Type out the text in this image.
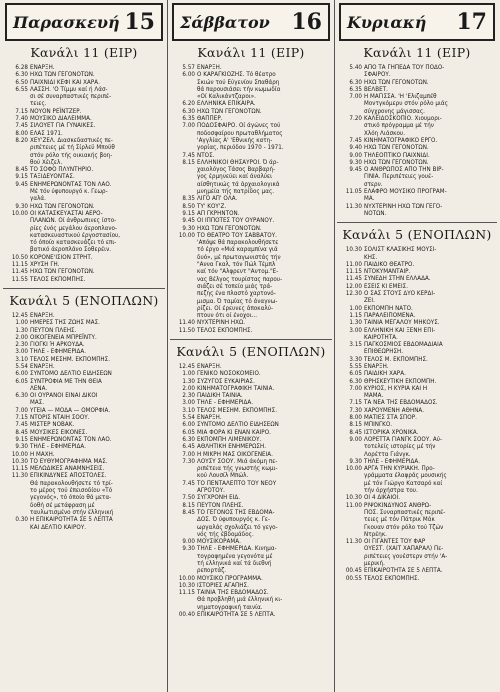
Παρασκευή 15
Κανάλι 11 (ΕΙΡ)
6.28 ΕΝΑΡΞΗ.
6.30 ΗΧΩ ΤΩΝ ΓΕΓΟΝΟΤΩΝ.
6.50 ΠΑΙΧΝΙΔΙ ΚΕΦΙ ΚΑΙ ΧΑΡΑ.
6.55 ΛΑΣΣΗ. 'Ο Τίμμυ καί ή Λάσ-
σι σέ συναρπαστικές περιπέ-
τειες.
7.15 ΝΟΥΟΝ ΡΕΪΝΤΖΕΡ.
7.40 ΜΟΥΣΙΚΟ ΔΙΑΛΕΙΜΜΑ.
7.45 ΣΙΛΟΥΕΤ ΓΙΑ ΓΥΝΑΙΚΕΣ.
8.00 ΕΛΑΣ 1971.
8.20 ΧΕΥ'ΖΕΛ. Διασκεδαστικές πε-
ριπέτειες μέ τή Σίρλεϋ Μποϋθ
στόν ρόλο τής οικιακής βοη-
θού Χέιζελ.
8.45 ΤΟ ΣΟΦΟ ΠΛΥΝΤΗΡΙΟ.
9.15 ΤΑΞΙΔΕΥΟΝΤΑΣ.
9.45 ΕΝΗΜΕΡΩΝΟΝΤΑΣ ΤΟΝ ΛΑΟ.
Μέ τόν ύφυπουργό κ. Γεωρ-
γαλά.
9.30 ΗΧΩ ΤΩΝ ΓΕΓΟΝΟΤΩΝ.
10.00 ΟΙ ΚΑΤΑΣΚΕΥΑΣΤΑΙ ΑΕΡΟ-
ΠΛΑΝΩΝ. Οί άνθρωπινες ίστο-
ρίες ένός μεγάλου άεροπλανο-
κατασκευαστικού έργοστασίου,
τό όποίο κατασκευάζει τό επι-
βατικό άεροπλάνο Σοθερέιν.
10.50 ΚΟΡΟΝΕ'ΙΣΙΟΝ ΣΤΡΗΤ.
11.15 ΧΡΥΣΗ ΓΗ.
11.45 ΗΧΩ ΤΩΝ ΓΕΓΟΝΟΤΩΝ.
11.55 ΤΕΛΟΣ ΕΚΠΟΜΠΗΣ.
Κανάλι 5 (ΕΝΟΠΛΩΝ)
12.45 ΕΝΑΡΞΗ.
1.00 ΗΜΕΡΕΣ ΤΗΣ ΖΩΗΣ ΜΑΣ.
1.30 ΠΕΥΤΟΝ ΠΛΕΗΣ.
2.00 ΟΙΚΟΓΕΝΕΙΑ ΜΠΡΕΪΝΤΥ.
2.30 ΓΙΟΓΚΙ Ή ΑΡΚΟΥΔΑ.
3.00 ΤΗΛΕ - ΕΦΗΜΕΡΙΔΑ.
3.10 ΤΕΛΟΣ ΜΕΣΗΜ. ΕΚΠΟΜΠΗΣ.
5.54 ΕΝΑΡΞΗ.
6.00 ΣΥΝΤΟΜΟ ΔΕΛΤΙΟ ΕΙΔΗΣΕΩΝ
6.05 ΣΥΝΤΡΟΦΙΑ ΜΕ ΤΗΝ ΘΕΙΑ
ΛΕΝΑ.
6.30 ΟΙ ΟΥΡΑΝΟΙ ΕΙΝΑΙ ΔΙΚΟΙ
ΜΑΣ.
7.00 ΥΓΕΙΑ — ΜΟΔΑ — ΟΜΟΡΦΙΑ.
7.15 ΝΤΟΡΙΣ ΝΤΑΙΗ ΣΟΟΥ.
7.45 ΜΙΣΤΕΡ ΝΟΒΑΚ.
8.45 ΜΟΥΣΙΚΕΣ ΕΙΚΟΝΕΣ.
9.15 ΕΝΗΜΕΡΩΝΟΝΤΑΣ ΤΟΝ ΛΑΟ.
9.30 ΤΗΛΕ - ΕΦΗΜΕΡΙΔΑ.
10.00 Η ΜΑΧΗ.
10.30 ΤΟ ΕΥΘΥΜΟΓΡΑΦΗΜΑ ΜΑΣ.
11.15 ΜΕΛΩΔΙΚΕΣ ΑΝΑΜΝΗΣΕΙΣ.
11.30 ΕΠΙΚΙΝΔΥΝΕΣ ΑΠΟΣΤΟΛΕΣ.
Θά παρακολουθήσετε τό τρί-
το μέρος τού έπεισοδίου «Τό
γεγονός», τό όποίο θά μετα-
δοθή σέ μετάφραση μέ
ταυλωτισμένο στήν έλληνική
0.30 Η ΕΠΙΚΑΙΡΟΤΗΤΑ ΣΕ 5 ΛΕΠΤΑ
ΚΑΙ ΔΕΛΤΙΟ ΚΑΙΡΟΥ.
Σάββατον 16
Κανάλι 11 (ΕΙΡ)
5.57 ΕΝΑΡΞΗ.
6.00 Ο ΚΑΡΑΓΚΙΟΖΗΣ. Τό θέατρο
Σκιών τού Εύγενίου Σπαθάρη
θά παρουσιάσει τήν κωμωδία
«Οί Καλικάντζαροι».
6.20 ΕΛΛΗΝΙΚΑ ΕΠΙΚΑΙΡΑ.
6.30 ΗΧΩ ΤΩΝ ΓΕΓΟΝΟΤΩΝ.
6.35 ΘΑΠΠΕΡ.
7.00 ΠΟΔΟΣΦΑΙΡΟ. Οί άγώνες τού
ποδοσφαίρου πρωταθλήματος
'Αγγλίας Α' 'Εθνικής κατη-
γορίας, περιόδου 1970 - 1971.
7.45 ΝΤΟΣ.
8.15 ΕΛΛΗΝΙΚΟΙ ΘΗΣΑΥΡΟΙ. Ό άρ-
χαιολόγος Τάσος Βαρβαρή-
γος έρμηνεύει καί άναλύει
αίσθητικώς τά άρχαιολογικά
μνημεία τής πατρίδος μας.
8.35 ΛΙΓΟ ΑΠ' ΟΛΑ.
8.50 ΤΥ' ΚΟΥ'Ζ.
9.15 ΑΠ ΓΚΡΗΝΤΟΝ.
9.45 ΟΙ ΙΠΠΟΤΕΣ ΤΟΥ ΟΥΡΑΝΟΥ.
9.30 ΗΧΩ ΤΩΝ ΓΕΓΟΝΟΤΩΝ.
10.00 ΤΟ ΘΕΑΤΡΟ ΤΟΥ ΣΑΒΒΑΤΟΥ.
'Απόψε θά παρακολουθήσετε
τό έργο «Μιά καραμπίνα γιά
δυό», μέ πρωταγωνιστάς τήν
"Αννα Γκαλ, τόν Πώλ Τέμπλ
καί τόν "Αλφρεντ "Αντομ."Ε-
νας Βέλγος τουρίστας παρου-
σιάζει σέ τοπείο μιάς τρά-
πεζης ένα πλαστό χαρτονό-
μισμα. Ό ταμίας τό άναγνω-
ρίζει. Οί έρευνες άποκαλύ-
πτουν ότι οί ένοχοι...
11.40 ΝΥΧΤΕΡΙΝΗ ΗΧΩ.
11.50 ΤΕΛΟΣ ΕΚΠΟΜΠΗΣ.
Κανάλι 5 (ΕΝΟΠΛΩΝ)
12.45 ΕΝΑΡΞΗ.
1.00 ΓΕΝΙΚΟ ΝΟΣΟΚΟΜΕΙΟ.
1.30 ΣΥΖΥΓΟΣ ΕΥΚΑΙΡΙΑΣ.
2.00 ΚΙΝΗΜΑΤΟΓΡΑΦΙΚΗ ΤΑΙΝΙΑ.
2.30 ΠΑΙΔΙΚΗ ΤΑΙΝΙΑ.
3.00 ΤΗΛΕ - ΕΦΗΜΕΡΙΔΑ.
3.10 ΤΕΛΟΣ ΜΕΣΗΜ. ΕΚΠΟΜΠΗΣ.
5.54 ΕΝΑΡΞΗ.
6.00 ΣΥΝΤΟΜΟ ΔΕΛΤΙΟ ΕΙΔΗΣΕΩΝ
6.05 ΜΙΑ ΦΟΡΑ ΚΙ ΕΝΑΝ ΚΑΙΡΟ.
6.30 ΕΚΠΟΜΠΗ ΛΙΜΕΝΙΚΟΥ.
6.45 ΑΘΛΗΤΙΚΗ ΕΝΗΜΕΡΩΣΗ.
7.00 Η ΜΙΚΡΗ ΜΑΣ ΟΙΚΟΓΕΝΕΙΑ.
7.30 ΛΟΥΣΥ ΣΟΟΥ. Μιά άκόμη πε-
ριπέτεια τής γνωστής κωμι-
κού Λουσίλ Μπώλ.
7.45 ΤΟ ΠΕΝΤΑΛΕΠΤΟ ΤΟΥ ΝΕΟΥ
ΑΓΡΟΤΟΥ.
7.50 ΣΥΓΧΡΟΝΗ ΕΙΔ.
8.15 ΠΕΥΤΟΝ ΠΛΕΗΣ.
8.45 ΤΟ ΓΕΓΟΝΟΣ ΤΗΣ ΕΒΔΟΜΑ-
ΔΟΣ. Ό ύφυπουργός κ. Γε-
ωργαλάς σχολιάζει τό γεγο-
νός τής έβδομάδος.
9.00 ΜΟΥΣΙΚΟΡΑΜΑ.
9.30 ΤΗΛΕ - ΕΦΗΜΕΡΙΔΑ. Κινημα-
τογραφημένα γεγονότα μέ
τή ελληνικά καί τά διεθνή
ρεπορτάζ.
10.00 ΜΟΥΣΙΚΟ ΠΡΟΓΡΑΜΜΑ.
10.30 ΙΣΤΟΡΙΕΣ ΑΓΑΠΗΣ.
11.15 ΤΑΙΝΙΑ ΤΗΣ ΕΒΔΟΜΑΔΟΣ.
Θά προβληθή μιά έλληνική κι-
νηματογραφική ταινία.
00.40 ΕΠΙΚΑΙΡΟΤΗΤΑ ΣΕ 5 ΛΕΠΤΑ.
Κυριακή 17
Κανάλι 11 (ΕΙΡ)
5.40 ΑΠΟ ΤΑ ΓΗΠΕΔΑ ΤΟΥ ΠΟΔΟ-
ΣΦΑΙΡΟΥ.
6.30 ΗΧΩ ΤΩΝ ΓΕΓΟΝΟΤΩΝ.
6.35 ΒΕΛΒΕΤ.
7.00 Η ΜΑΓΙΣΣΑ. 'Η 'Ελιζαμπέθ
Μοντγκόμερυ στόν ρόλο μιάς
σύγχρονης μάγισσας.
7.20 ΚΑΛΕΙΔΟΣΚΟΠΙΟ. Χιουμορι-
στικό πρόγραμμα μέ τήν
Χλόη Λιάσκου.
7.45 ΚΙΝΗΜΑΤΟΓΡΑΦΙΚΟ ΕΡΓΟ.
9.40 ΗΧΩ ΤΩΝ ΓΕΓΟΝΟΤΩΝ.
9.00 ΤΗΛΕΟΠΤΙΚΟ ΠΑΙΧΝΙΔΙ.
9.30 ΗΧΩ ΤΩΝ ΓΕΓΟΝΟΤΩΝ.
9.45 Ο ΑΝΘΡΩΠΟΣ ΑΠΟ ΤΗΝ ΒΙΡ-
ΓΙΝΙΑ. Περιπέτειες γουέ-
στερν.
11.05 ΕΛΑΦΡΟ ΜΟΥΣΙΚΟ ΠΡΟΓΡΑΜ-
ΜΑ.
11.30 ΝΥΧΤΕΡΙΝΗ ΗΧΩ ΤΩΝ ΓΕΓΟ-
ΝΟΤΩΝ.
Κανάλι 5 (ΕΝΟΠΛΩΝ)
10.30 ΣΟΛΙΣΤ ΚΛΑΣΙΚΗΣ ΜΟΥΣΙ-
ΚΗΣ.
11.00 ΠΑΙΔΙΚΟ ΘΕΑΤΡΟ.
11.15 ΝΤΟΚΥΜΑΝΤΑΙΡ.
11.45 ΣΥΝΕΔΗ ΣΤΗΝ ΕΛΛΑΔΑ.
12.00 ΕΣΕΙΣ ΚΙ ΕΜΕΙΣ.
12.30 Ο ΣΑΣ ΣΤΟΥΣ ΔΥΟ ΚΕΡΔΙ-
ΖΕΙ.
1.00 ΕΚΠΟΜΠΗ ΝΑΤΟ.
1.15 ΠΑΡΑΛΕΙΠΟΜΕΝΑ.
1.30 ΤΑΙΝΙΑ ΜΕΓΑΛΟΥ ΜΗΚΟΥΣ.
3.00 ΕΛΛΗΝΙΚΗ ΚΑΙ ΞΕΝΗ ΕΠΙ-
ΚΑΙΡΟΤΗΤΑ.
3.15 ΠΑΓΚΟΣΜΙΟΣ ΕΒΔΟΜΑΔΙΑΙΑ
ΕΠΙΘΕΩΡΗΣΗ.
3.30 ΤΕΛΟΣ Μ. ΕΚΠΟΜΠΗΣ.
5.55 ΕΝΑΡΞΗ.
6.05 ΠΑΙΔΙΚΗ ΧΑΡΑ.
6.30 ΘΡΗΣΚΕΥΤΙΚΗ ΕΚΠΟΜΠΗ.
7.00 ΚΥΡΙΟΣ, Η ΚΥΡΙΑ ΚΑΙ Η
ΜΑΜΑ.
7.15 ΤΑ ΝΕΑ ΤΗΣ ΕΒΔΟΜΑΔΟΣ.
7.30 ΧΑΡΟΥΜΕΝΗ ΑΘΗΝΑ.
8.00 ΜΑΤΙΕΣ ΣΤΑ ΣΠΟΡ.
8.15 ΜΠΙΝΓΚΟ.
8.45 ΙΣΤΟΡΙΚΑ ΧΡΟΝΙΚΑ.
9.00 ΛΟΡΕΤΤΑ ΓΙΑΝΓΚ ΣΟΟΥ. Αύ-
τοτελείς ιστορίες μέ τήν
Λορέττα Γιάνγκ.
9.30 ΤΗΛΕ - ΕΦΗΜΕΡΙΔΑ.
10.00 ΑΡΓΑ ΤΗΝ ΚΥΡΙΑΚΗ. Προ-
γράμματα έλαφράς μουσικής
μέ τόν Γιώργο Κατσαρό καί
τήν όρχήστρα του.
10.30 ΟΙ 4 ΔΙΚΑΙΟΙ.
11.00 ΡΙΨΟΚΙΝΔΥΝΟΣ ΑΝΘΡΩ-
ΠΟΣ. Συναρπαστικές περιπέ-
τειες μέ τόν Πάτρικ Μάκ
Γκουαν στόν ρόλο τού Τζών
Ντρέηκ.
11.30 ΟΙ ΓΙΓΑΝΤΕΣ ΤΟΥ ΦΑΡ
ΟΥΕΣΤ. (ΧΑΙΤ ΧΑΠΑΡΑΛ) Πε-
ριπέτειες γουέστερν στήν 'Α-
μερική.
00.45 ΕΠΙΚΑΙΡΟΤΗΤΑ ΣΕ 5 ΛΕΠΤΑ.
00.55 ΤΕΛΟΣ ΕΚΠΟΜΠΗΣ.
